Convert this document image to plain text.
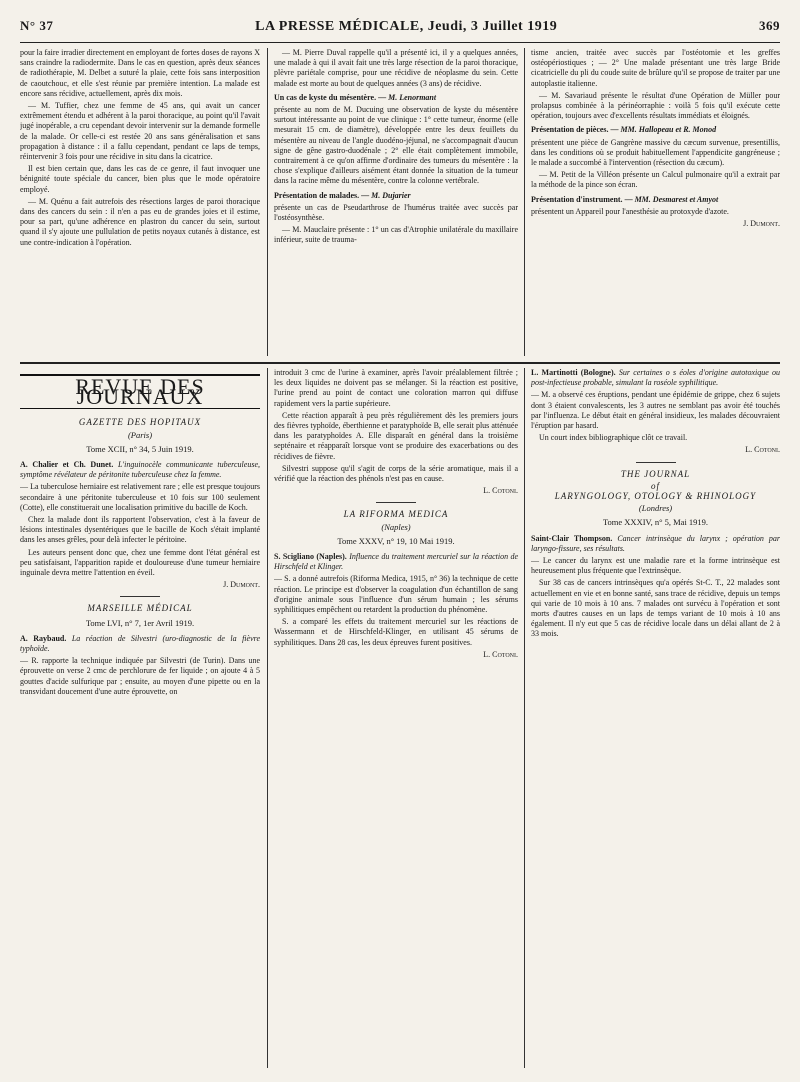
N° 37	LA PRESSE MÉDICALE, Jeudi, 3 Juillet 1919	369

pour la faire irradier directement en employant de fortes doses de rayons X sans craindre la radiodermite. Dans le cas en question, après deux séances de radiothérapie, M. Delbet a suturé la plaie, cette fois sans interposition de caoutchouc, et elle s'est réunie par première intention. La malade est encore sans récidive, actuellement, après dix mois.

— M. Tuffier, chez une femme de 45 ans, qui avait un cancer extrêmement étendu et adhérent à la paroi thoracique, au point qu'il l'avait jugé inopérable, a cru cependant devoir intervenir sur la demande formelle de la malade. Or celle-ci est restée 20 ans sans généralisation et sans propagation à distance : il a fallu cependant, pendant ce laps de temps, réintervenir 3 fois pour une récidive in situ dans la cicatrice.

Il est bien certain que, dans les cas de ce genre, il faut invoquer une bénignité toute spéciale du cancer, bien plus que le mode opératoire employé.

— M. Quénu a fait autrefois des résections larges de paroi thoracique dans des cancers du sein : il n'en a pas eu de grandes joies et il estime, pour sa part, qu'une adhérence en plastron du cancer du sein, surtout quand il s'y ajoute une pullulation de petits noyaux cutanés à distance, est une contre-indication à l'opération.

— M. Pierre Duval rappelle qu'il a présenté ici, il y a quelques années, une malade à qui il avait fait une très large résection de la paroi thoracique, plèvre pariétale comprise, pour une récidive de néoplasme du sein. Cette malade est morte au bout de quelques années (3 ans) de récidive.

Un cas de kyste du mésentère. — M. Lenormant

présente au nom de M. Ducuing une observation de kyste du mésentère surtout intéressante au point de vue clinique : 1° cette tumeur, énorme (elle mesurait 15 cm. de diamètre), développée entre les deux feuillets du mésentère au niveau de l'angle duodéno-jéjunal, ne s'accompagnait d'aucun signe de gêne gastro-duodénale ; 2° elle était complètement immobile, contrairement à ce qu'on affirme d'ordinaire des tumeurs du mésentère : la chose s'explique d'ailleurs aisément étant donnée la situation de la tumeur dans la racine même du mésentère, contre la colonne vertébrale.

Présentation de malades. — M. Dujarier

présente un cas de Pseudarthrose de l'humérus traitée avec succès par l'ostéosynthèse.

— M. Mauclaire présente : 1° un cas d'Atrophie unilatérale du maxillaire inférieur, suite de trauma-

tisme ancien, traitée avec succès par l'ostéotomie et les greffes ostéopériostiques ; — 2° Une malade présentant une très large Bride cicatricielle du pli du coude suite de brûlure qu'il se propose de traiter par une autoplastie italienne.

— M. Savariaud présente le résultat d'une Opération de Müller pour prolapsus combinée à la périnéorraphie : voilà 5 fois qu'il exécute cette opération, toujours avec d'excellents résultats immédiats et éloignés.

Présentation de pièces. — MM. Hallopeau et R. Monod

présentent une pièce de Gangrène massive du cæcum survenue, presentillis, dans les conditions où se produit habituellement l'appendicite gangréneuse ; le malade a succombé à l'intervention (résection du cæcum).

— M. Petit de la Villéon présente un Calcul pulmonaire qu'il a extrait par la méthode de la pince son écran.

Présentation d'instrument. — MM. Desmarest et Amyot

présentent un Appareil pour l'anesthésie au protoxyde d'azote.

J. Dumont.

REVUE DES JOURNAUX
GAZETTE DES HOPITAUX
(Paris)
Tome XCII, n° 34, 5 Juin 1919.

A. Chalier et Ch. Dunet. L'inguinocèle communicante tuberculeuse, symptôme révélateur de péritonite tuberculeuse chez la femme.

— La tuberculose herniaire est relativement rare ; elle est presque toujours secondaire à une péritonite tuberculeuse et 10 fois sur 100 seulement (Cotte), elle constituerait une localisation primitive du bacille de Koch.

Chez la malade dont ils rapportent l'observation, c'est à la faveur de lésions intestinales dysentériques que le bacille de Koch s'était implanté dans les anses grêles, pour delà infecter le péritoine.

Les auteurs pensent donc que, chez une femme dont l'état général est peu satisfaisant, l'apparition rapide et douloureuse d'une tumeur herniaire inguinale devra mettre l'attention en éveil.

J. Dumont.

MARSEILLE MÉDICAL
Tome LVI, n° 7, 1er Avril 1919.

A. Raybaud. La réaction de Silvestri (uro-diagnostic de la fièvre typhoïde.

— R. rapporte la technique indiquée par Silvestri (de Turin). Dans une éprouvette on verse 2 cmc de perchlorure de fer liquide ; on ajoute 4 à 5 gouttes d'acide sulfurique par ; ensuite, au moyen d'une pipette ou en la transvidant doucement d'une autre éprouvette, on

introduit 3 cmc de l'urine à examiner, après l'avoir préalablement filtrée ; les deux liquides ne doivent pas se mélanger. Si la réaction est positive, l'urine prend au point de contact une coloration marron qui diffuse rapidement vers la partie supérieure.

Cette réaction apparaît à peu près régulièrement dès les premiers jours des fièvres typhoïde, éberthienne et paratyphoïde B, elle serait plus atténuée dans les paratyphoïdes A. Elle disparaît en général dans la troisième septénaire et réapparaît lorsque vont se produire des exacerbations ou des récidives de fièvre.

Silvestri suppose qu'il s'agit de corps de la série aromatique, mais il a vérifié que la réaction des phénols n'est pas en cause.

L. Cotoni.

LA RIFORMA MEDICA
(Naples)
Tome XXXV, n° 19, 10 Mai 1919.

S. Scigliano (Naples). Influence du traitement mercuriel sur la réaction de Hirschfeld et Klinger.

— S. a donné autrefois (Riforma Medica, 1915, n° 36) la technique de cette réaction. Le principe est d'observer la coagulation d'un échantillon de sang d'origine animale sous l'influence d'un sérum humain ; les sérums syphilitiques empêchent ou retardent la production du phénomène.

S. a comparé les effets du traitement mercuriel sur les réactions de Wassermann et de Hirschfeld-Klinger, en utilisant 45 sérums de syphilitiques. Dans 28 cas, les deux épreuves furent positives.

L. Cotoni.

L. Martinotti (Bologne). Sur certaines o s éoles d'origine autotoxique ou post-infectieuse probable, simulant la roséole syphilitique.

— M. a observé ces éruptions, pendant une épidémie de grippe, chez 6 sujets dont 3 étaient convalescents, les 3 autres ne semblant pas avoir été touchés par l'influenza. Le début était en général insidieux, les malades découvraient l'éruption par hasard.

Un court index bibliographique clôt ce travail.

L. Cotoni.

THE JOURNAL
of
LARYNGOLOGY, OTOLOGY & RHINOLOGY
(Londres)
Tome XXXIV, n° 5, Mai 1919.

Saint-Clair Thompson. Cancer intrinsèque du larynx ; opération par laryngo-fissure, ses résultats.

— Le cancer du larynx est une maladie rare et la forme intrinsèque est heureusement plus fréquente que l'extrinsèque.

Sur 38 cas de cancers intrinsèques qu'a opérés St-C. T., 22 malades sont actuellement en vie et en bonne santé, sans trace de récidive, depuis un temps qui varie de 10 mois à 10 ans. 7 malades ont survécu à l'opération et sont morts d'autres causes en un laps de temps variant de 10 mois à 10 ans également. Il n'y eut que 5 cas de récidive locale dans un délai allant de 2 à 33 mois.
